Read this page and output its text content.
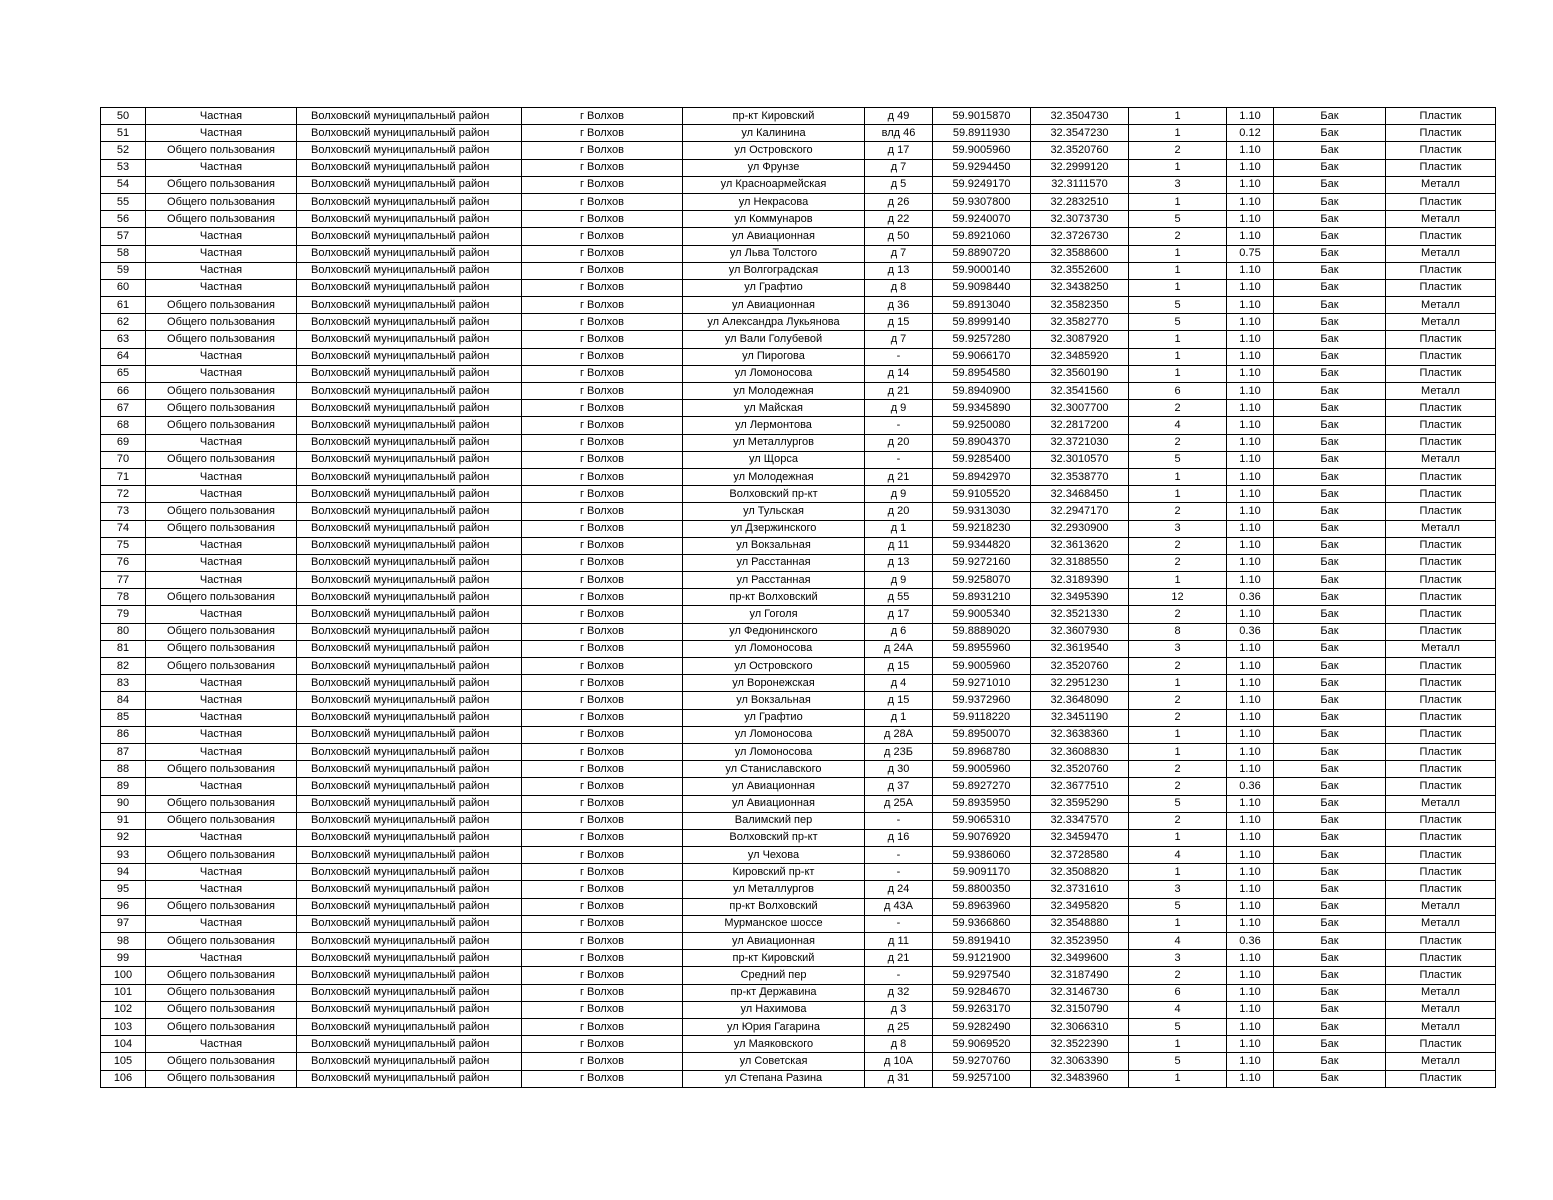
50	Частная	Волховский муниципальный район	г Волхов	пр-кт Кировский	д 49	59.9015870	32.3504730	1	1.10	Бак	Пластик
51	Частная	Волховский муниципальный район	г Волхов	ул Калинина	влд 46	59.8911930	32.3547230	1	0.12	Бак	Пластик
52	Общего пользования	Волховский муниципальный район	г Волхов	ул Островского	д 17	59.9005960	32.3520760	2	1.10	Бак	Пластик
53	Частная	Волховский муниципальный район	г Волхов	ул Фрунзе	д 7	59.9294450	32.2999120	1	1.10	Бак	Пластик
54	Общего пользования	Волховский муниципальный район	г Волхов	ул Красноармейская	д 5	59.9249170	32.3111570	3	1.10	Бак	Металл
55	Общего пользования	Волховский муниципальный район	г Волхов	ул Некрасова	д 26	59.9307800	32.2832510	1	1.10	Бак	Пластик
56	Общего пользования	Волховский муниципальный район	г Волхов	ул Коммунаров	д 22	59.9240070	32.3073730	5	1.10	Бак	Металл
57	Частная	Волховский муниципальный район	г Волхов	ул Авиационная	д 50	59.8921060	32.3726730	2	1.10	Бак	Пластик
58	Частная	Волховский муниципальный район	г Волхов	ул Льва Толстого	д 7	59.8890720	32.3588600	1	0.75	Бак	Металл
59	Частная	Волховский муниципальный район	г Волхов	ул Волгоградская	д 13	59.9000140	32.3552600	1	1.10	Бак	Пластик
60	Частная	Волховский муниципальный район	г Волхов	ул Графтио	д 8	59.9098440	32.3438250	1	1.10	Бак	Пластик
61	Общего пользования	Волховский муниципальный район	г Волхов	ул Авиационная	д 36	59.8913040	32.3582350	5	1.10	Бак	Металл
62	Общего пользования	Волховский муниципальный район	г Волхов	ул Александра Лукьянова	д 15	59.8999140	32.3582770	5	1.10	Бак	Металл
63	Общего пользования	Волховский муниципальный район	г Волхов	ул Вали Голубевой	д 7	59.9257280	32.3087920	1	1.10	Бак	Пластик
64	Частная	Волховский муниципальный район	г Волхов	ул Пирогова	-	59.9066170	32.3485920	1	1.10	Бак	Пластик
65	Частная	Волховский муниципальный район	г Волхов	ул Ломоносова	д 14	59.8954580	32.3560190	1	1.10	Бак	Пластик
66	Общего пользования	Волховский муниципальный район	г Волхов	ул Молодежная	д 21	59.8940900	32.3541560	6	1.10	Бак	Металл
67	Общего пользования	Волховский муниципальный район	г Волхов	ул Майская	д 9	59.9345890	32.3007700	2	1.10	Бак	Пластик
68	Общего пользования	Волховский муниципальный район	г Волхов	ул Лермонтова	-	59.9250080	32.2817200	4	1.10	Бак	Пластик
69	Частная	Волховский муниципальный район	г Волхов	ул Металлургов	д 20	59.8904370	32.3721030	2	1.10	Бак	Пластик
70	Общего пользования	Волховский муниципальный район	г Волхов	ул Щорса	-	59.9285400	32.3010570	5	1.10	Бак	Металл
71	Частная	Волховский муниципальный район	г Волхов	ул Молодежная	д 21	59.8942970	32.3538770	1	1.10	Бак	Пластик
72	Частная	Волховский муниципальный район	г Волхов	Волховский пр-кт	д 9	59.9105520	32.3468450	1	1.10	Бак	Пластик
73	Общего пользования	Волховский муниципальный район	г Волхов	ул Тульская	д 20	59.9313030	32.2947170	2	1.10	Бак	Пластик
74	Общего пользования	Волховский муниципальный район	г Волхов	ул Дзержинского	д 1	59.9218230	32.2930900	3	1.10	Бак	Металл
75	Частная	Волховский муниципальный район	г Волхов	ул Вокзальная	д 11	59.9344820	32.3613620	2	1.10	Бак	Пластик
76	Частная	Волховский муниципальный район	г Волхов	ул Расстанная	д 13	59.9272160	32.3188550	2	1.10	Бак	Пластик
77	Частная	Волховский муниципальный район	г Волхов	ул Расстанная	д 9	59.9258070	32.3189390	1	1.10	Бак	Пластик
78	Общего пользования	Волховский муниципальный район	г Волхов	пр-кт Волховский	д 55	59.8931210	32.3495390	12	0.36	Бак	Пластик
79	Частная	Волховский муниципальный район	г Волхов	ул Гоголя	д 17	59.9005340	32.3521330	2	1.10	Бак	Пластик
80	Общего пользования	Волховский муниципальный район	г Волхов	ул Федюнинского	д 6	59.8889020	32.3607930	8	0.36	Бак	Пластик
81	Общего пользования	Волховский муниципальный район	г Волхов	ул Ломоносова	д 24А	59.8955960	32.3619540	3	1.10	Бак	Металл
82	Общего пользования	Волховский муниципальный район	г Волхов	ул Островского	д 15	59.9005960	32.3520760	2	1.10	Бак	Пластик
83	Частная	Волховский муниципальный район	г Волхов	ул Воронежская	д 4	59.9271010	32.2951230	1	1.10	Бак	Пластик
84	Частная	Волховский муниципальный район	г Волхов	ул Вокзальная	д 15	59.9372960	32.3648090	2	1.10	Бак	Пластик
85	Частная	Волховский муниципальный район	г Волхов	ул Графтио	д 1	59.9118220	32.3451190	2	1.10	Бак	Пластик
86	Частная	Волховский муниципальный район	г Волхов	ул Ломоносова	д 28А	59.8950070	32.3638360	1	1.10	Бак	Пластик
87	Частная	Волховский муниципальный район	г Волхов	ул Ломоносова	д 23Б	59.8968780	32.3608830	1	1.10	Бак	Пластик
88	Общего пользования	Волховский муниципальный район	г Волхов	ул Станиславского	д 30	59.9005960	32.3520760	2	1.10	Бак	Пластик
89	Частная	Волховский муниципальный район	г Волхов	ул Авиационная	д 37	59.8927270	32.3677510	2	0.36	Бак	Пластик
90	Общего пользования	Волховский муниципальный район	г Волхов	ул Авиационная	д 25А	59.8935950	32.3595290	5	1.10	Бак	Металл
91	Общего пользования	Волховский муниципальный район	г Волхов	Валимский пер	-	59.9065310	32.3347570	2	1.10	Бак	Пластик
92	Частная	Волховский муниципальный район	г Волхов	Волховский пр-кт	д 16	59.9076920	32.3459470	1	1.10	Бак	Пластик
93	Общего пользования	Волховский муниципальный район	г Волхов	ул Чехова	-	59.9386060	32.3728580	4	1.10	Бак	Пластик
94	Частная	Волховский муниципальный район	г Волхов	Кировский пр-кт	-	59.9091170	32.3508820	1	1.10	Бак	Пластик
95	Частная	Волховский муниципальный район	г Волхов	ул Металлургов	д 24	59.8800350	32.3731610	3	1.10	Бак	Пластик
96	Общего пользования	Волховский муниципальный район	г Волхов	пр-кт Волховский	д 43А	59.8963960	32.3495820	5	1.10	Бак	Металл
97	Частная	Волховский муниципальный район	г Волхов	Мурманское шоссе	-	59.9366860	32.3548880	1	1.10	Бак	Металл
98	Общего пользования	Волховский муниципальный район	г Волхов	ул Авиационная	д 11	59.8919410	32.3523950	4	0.36	Бак	Пластик
99	Частная	Волховский муниципальный район	г Волхов	пр-кт Кировский	д 21	59.9121900	32.3499600	3	1.10	Бак	Пластик
100	Общего пользования	Волховский муниципальный район	г Волхов	Средний пер	-	59.9297540	32.3187490	2	1.10	Бак	Пластик
101	Общего пользования	Волховский муниципальный район	г Волхов	пр-кт Державина	д 32	59.9284670	32.3146730	6	1.10	Бак	Металл
102	Общего пользования	Волховский муниципальный район	г Волхов	ул Нахимова	д 3	59.9263170	32.3150790	4	1.10	Бак	Металл
103	Общего пользования	Волховский муниципальный район	г Волхов	ул Юрия Гагарина	д 25	59.9282490	32.3066310	5	1.10	Бак	Металл
104	Частная	Волховский муниципальный район	г Волхов	ул Маяковского	д 8	59.9069520	32.3522390	1	1.10	Бак	Пластик
105	Общего пользования	Волховский муниципальный район	г Волхов	ул Советская	д 10А	59.9270760	32.3063390	5	1.10	Бак	Металл
106	Общего пользования	Волховский муниципальный район	г Волхов	ул Степана Разина	д 31	59.9257100	32.3483960	1	1.10	Бак	Пластик
